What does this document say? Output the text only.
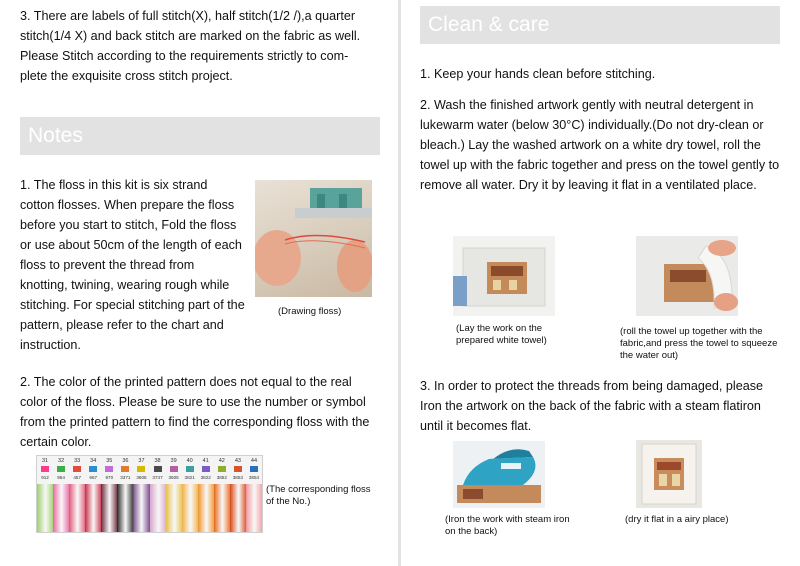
3. There are labels of full stitch(X), half stitch(1/2 /),a quarter stitch(1/4 X) and back stitch are marked on the fabric as well. Please Stitch according to the requirements strictly to com-plete the exquisite cross stitch project.

Notes

1. The floss in this kit is six strand cotton flosses. When prepare the floss before you start to stitch, Fold the floss or use about 50cm of the length of each floss to prevent the thread from knotting, twining, wearing rough while stitching. For special stitching part of the pattern, please refer to the chart and instruction.

(Drawing floss)

2. The color of the printed pattern does not equal to the real color of the floss. Please be sure to use the number or symbol from the printed pattern to find the corresponding floss with the certain color.

31	32	33	34	35	36	37	38	39	40	41	42	43	44
912	954	457	967	970	3371	3608	3747	3605	3821	3822	3852	3853	3854
(The corresponding floss of the No.)
Clean & care

1. Keep your hands clean before stitching.

2. Wash the finished artwork gently with neutral detergent in lukewarm water (below 30°C) individually.(Do not dry-clean or bleach.) Lay the washed artwork on a white dry towel, roll the towel up with the fabric together and press on the towel gently to remove all water. Dry it by leaving it flat in a ventilated place.

(Lay the work on the prepared white towel)
(roll the towel up together with the fabric,and press the towel to squeeze the water out)

3. In order to protect the threads from being damaged, please Iron the artwork on the back of the fabric with a steam flatiron until it becomes flat.

(Iron the work with steam iron on the back)
(dry it flat in a airy place)
